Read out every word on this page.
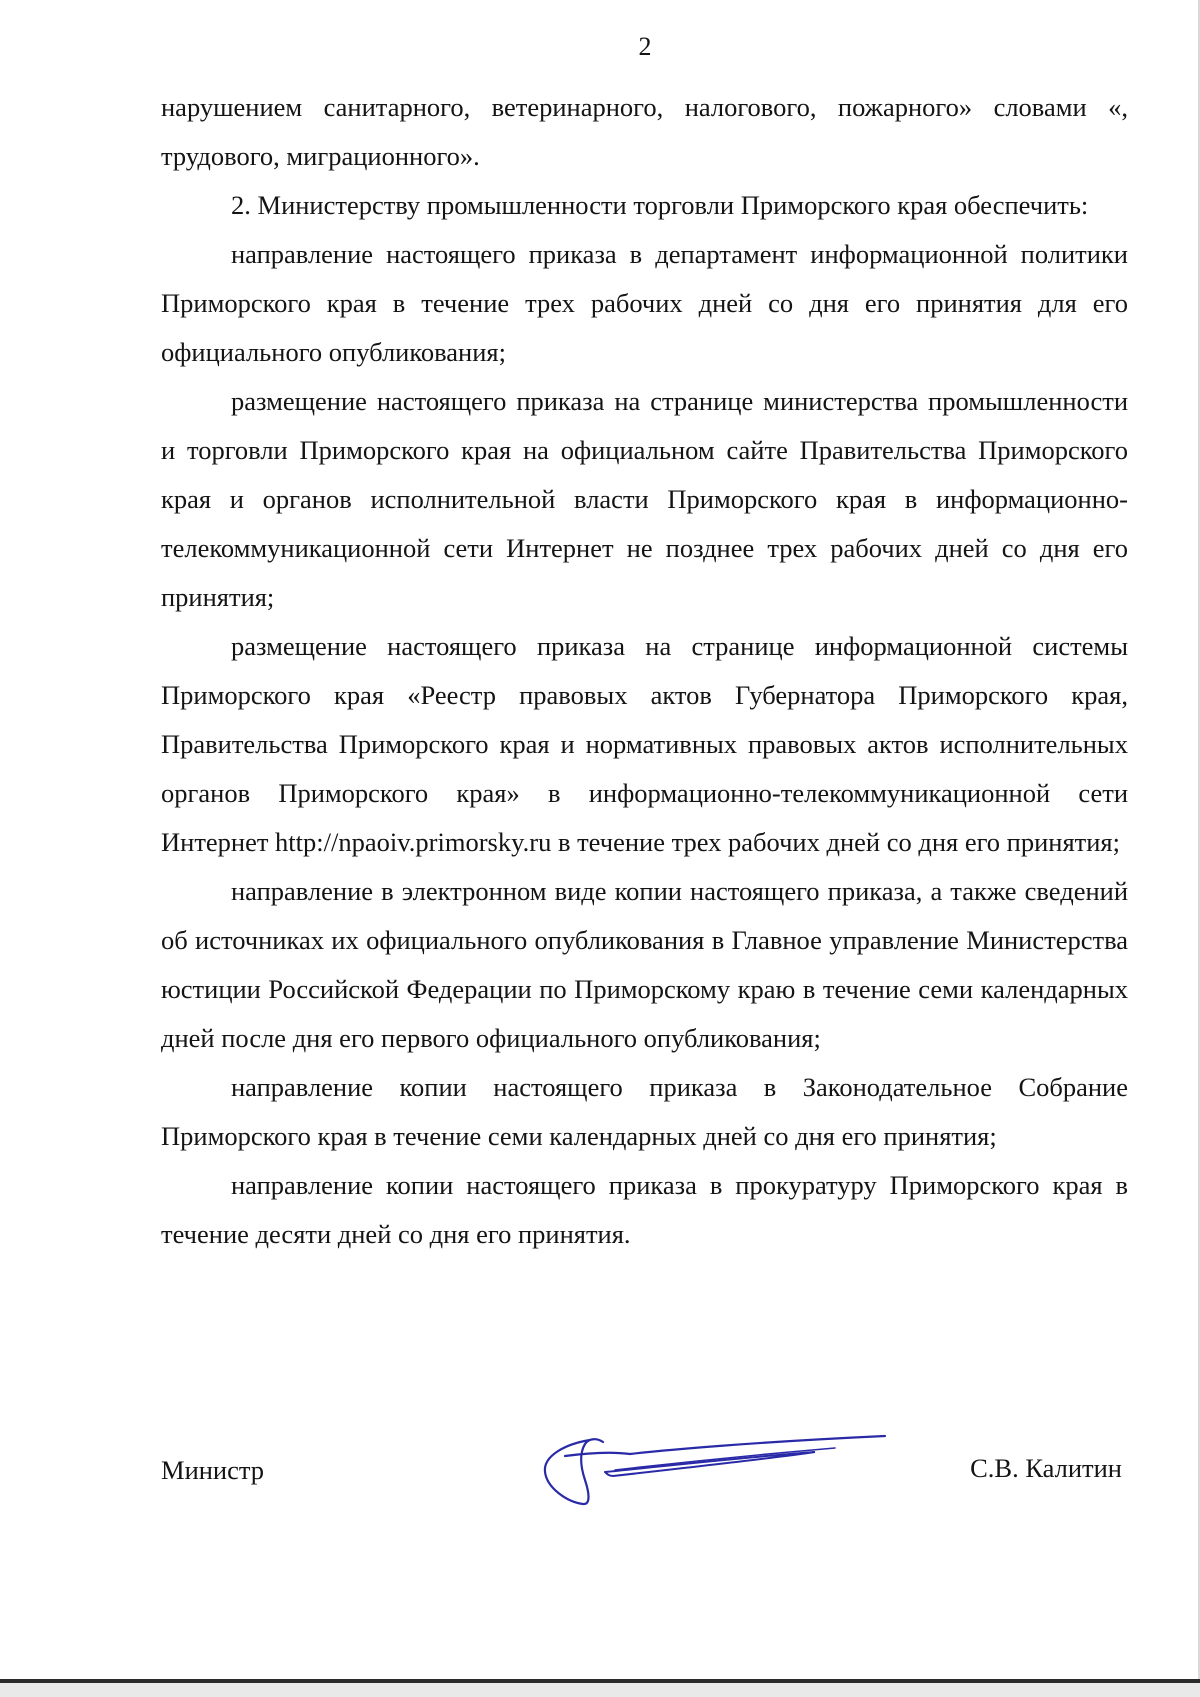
2

нарушением санитарного, ветеринарного, налогового, пожарного» словами «, трудового, миграционного».

2. Министерству промышленности торговли Приморского края обеспечить:

направление настоящего приказа в департамент информационной политики Приморского края в течение трех рабочих дней со дня его принятия для его официального опубликования;

размещение настоящего приказа на странице министерства промышленности и торговли Приморского края на официальном сайте Правительства Приморского края и органов исполнительной власти Приморского края в информационно-телекоммуникационной сети Интернет не позднее трех рабочих дней со дня его принятия;

размещение настоящего приказа на странице информационной системы Приморского края «Реестр правовых актов Губернатора Приморского края, Правительства Приморского края и нормативных правовых актов исполнительных органов Приморского края» в информационно-телекоммуникационной сети Интернет http://npaoiv.primorsky.ru в течение трех рабочих дней со дня его принятия;

направление в электронном виде копии настоящего приказа, а также сведений об источниках их официального опубликования в Главное управление Министерства юстиции Российской Федерации по Приморскому краю в течение семи календарных дней после дня его первого официального опубликования;

направление копии настоящего приказа в Законодательное Собрание Приморского края в течение семи календарных дней со дня его принятия;

направление копии настоящего приказа в прокуратуру Приморского края в течение десяти дней со дня его принятия.

Министр	С.В. Калитин
